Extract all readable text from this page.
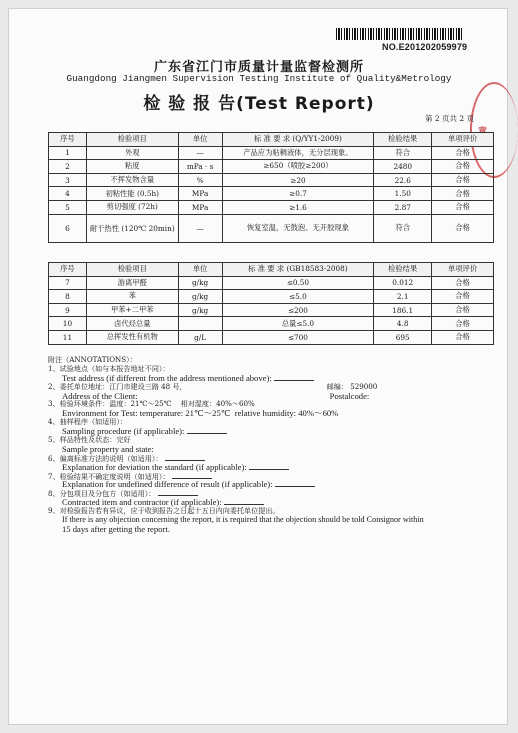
NO.E201202059979
广东省江门市质量计量监督检测所
Guangdong Jiangmen Supervision Testing Institute of Quality&Metrology
检 验 报 告(Test Report)
第 2 页共 2 页
序号	检验项目	单位	标 准 要 求 (Q/YY1-2009)	检验结果	单项评价
1	外观	—	产品应为粘稠液体，无分层现象。	符合	合格
2	粘度	mPa · s	≥650（喷胶≥200）	2480	合格
3	不挥发物含量	%	≥20	22.6	合格
4	初粘性能 (0.5h)	MPa	≥0.7	1.50	合格
5	剪切强度 (72h)	MPa	≥1.6	2.87	合格
6	耐干热性 (120℃ 20min)	—	恢复室温，无鼓泡、无开胶现象	符合	合格
序号	检验项目	单位	标 准 要 求 (GB18583-2008)	检验结果	单项评价
7	游离甲醛	g/kg	≤0.50	0.012	合格
8	苯	g/kg	≤5.0	2.1	合格
9	甲苯+二甲苯	g/kg	≤200	186.1	合格
10	卤代烃总量		总量≤5.0	4.8	合格
11	总挥发性有机物	g/L	≤700	695	合格
附注（ANNOTATIONS）：
1、试验地点（如与本报告地址不同）：
Test address (if different from the address mentioned above):
2、委托单位地址：江门市建设三路 48 号，	邮编： 529000
Address of the Client:	Postalcode:
3、检验环境条件：温度：21℃～25℃ 相对湿度：40%～60%
Environment for Test: temperature: 21℃～25℃ relative humidity: 40%～60%
4、抽样程序（如适用）：
Sampling procedure (if applicable):
5、样品特性及状态：完好
Sample property and state:
6、偏离标准方法的说明（如适用）：
Explanation for deviation the standard (if applicable):
7、检验结果不确定度说明（如适用）：
Explanation for undefined difference of result (if applicable):
8、分包项目及分包方（如适用）：
Contracted item and contractor (if applicable):
9、对检验报告若有异议，应于收到报告之日起十五日内向委托单位提出。
If there is any objection concerning the report, it is required that the objection should be told Consignor within
15 days after getting the report.
